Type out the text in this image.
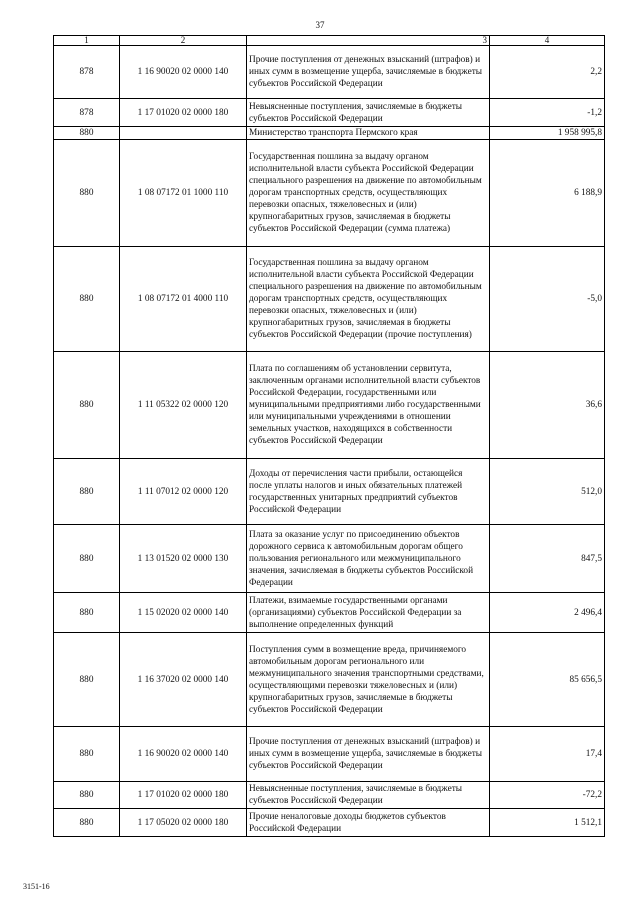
37
1	2	3	4
878	1 16 90020 02 0000 140	Прочие поступления от денежных взысканий (штрафов) и иных сумм в возмещение ущерба, зачисляемые в бюджеты субъектов Российской Федерации	2,2
878	1 17 01020 02 0000 180	Невыясненные поступления, зачисляемые в бюджеты субъектов Российской Федерации	-1,2
880		Министерство транспорта Пермского края	1 958 995,8
880	1 08 07172 01 1000 110	Государственная пошлина за выдачу органом исполнительной власти субъекта Российской Федерации специального разрешения на движение по автомобильным дорогам транспортных средств, осуществляющих перевозки опасных, тяжеловесных и (или) крупногабаритных грузов, зачисляемая в бюджеты субъектов Российской Федерации (сумма платежа)	6 188,9
880	1 08 07172 01 4000 110	Государственная пошлина за выдачу органом исполнительной власти субъекта Российской Федерации специального разрешения на движение по автомобильным дорогам транспортных средств, осуществляющих перевозки опасных, тяжеловесных и (или) крупногабаритных грузов, зачисляемая в бюджеты субъектов Российской Федерации (прочие поступления)	-5,0
880	1 11 05322 02 0000 120	Плата по соглашениям об установлении сервитута, заключенным органами исполнительной власти субъектов Российской Федерации, государственными или муниципальными предприятиями либо государственными или муниципальными учреждениями в отношении земельных участков, находящихся в собственности субъектов Российской Федерации	36,6
880	1 11 07012 02 0000 120	Доходы от перечисления части прибыли, остающейся после уплаты налогов и иных обязательных платежей государственных унитарных предприятий субъектов Российской Федерации	512,0
880	1 13 01520 02 0000 130	Плата за оказание услуг по присоединению объектов дорожного сервиса к автомобильным дорогам общего пользования регионального или межмуниципального значения, зачисляемая в бюджеты субъектов Российской Федерации	847,5
880	1 15 02020 02 0000 140	Платежи, взимаемые государственными органами (организациями) субъектов Российской Федерации за выполнение определенных функций	2 496,4
880	1 16 37020 02 0000 140	Поступления сумм в возмещение вреда, причиняемого автомобильным дорогам регионального или межмуниципального значения транспортными средствами, осуществляющими перевозки тяжеловесных и (или) крупногабаритных грузов, зачисляемые в бюджеты субъектов Российской Федерации	85 656,5
880	1 16 90020 02 0000 140	Прочие поступления от денежных взысканий (штрафов) и иных сумм в возмещение ущерба, зачисляемые в бюджеты субъектов Российской Федерации	17,4
880	1 17 01020 02 0000 180	Невыясненные поступления, зачисляемые в бюджеты субъектов Российской Федерации	-72,2
880	1 17 05020 02 0000 180	Прочие неналоговые доходы бюджетов субъектов Российской Федерации	1 512,1
3151-16
